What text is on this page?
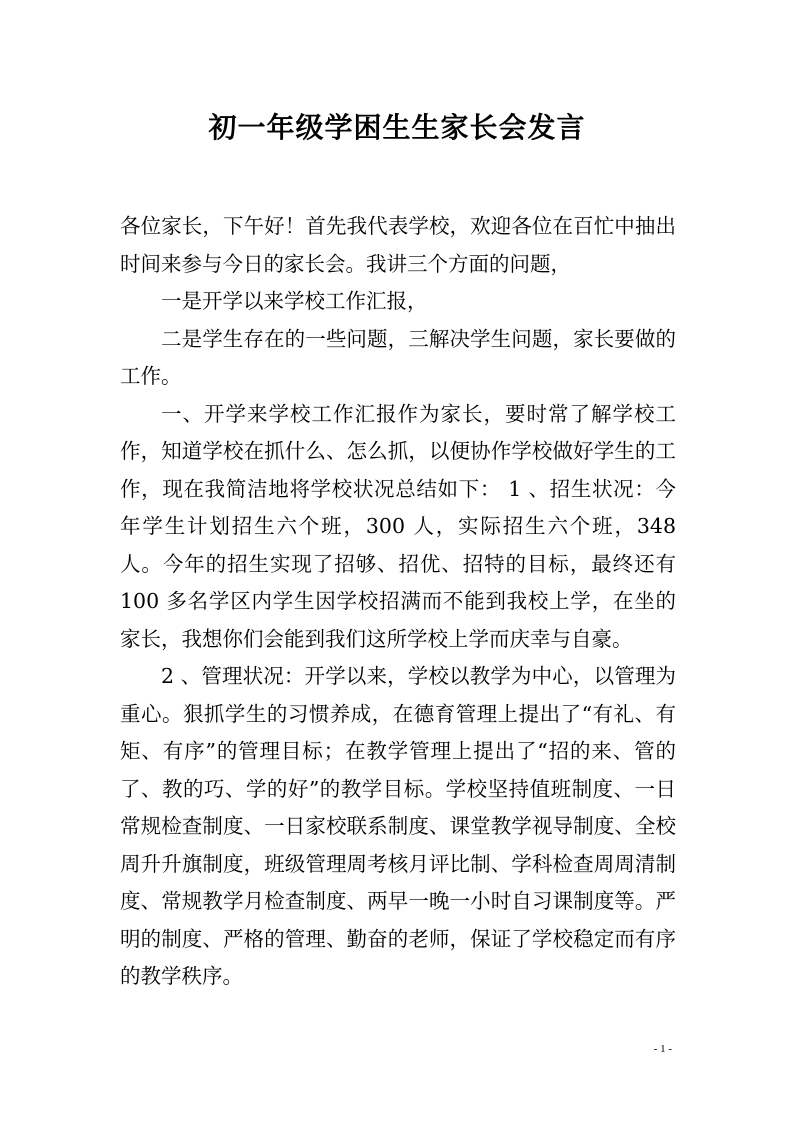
初一年级学困生生家长会发言

各位家长，下午好！首先我代表学校，欢迎各位在百忙中抽出时间来参与今日的家长会。我讲三个方面的问题，

一是开学以来学校工作汇报，

二是学生存在的一些问题，三解决学生问题，家长要做的工作。

一、开学来学校工作汇报作为家长，要时常了解学校工作，知道学校在抓什么、怎么抓，以便协作学校做好学生的工作，现在我简洁地将学校状况总结如下： 1 、招生状况：今年学生计划招生六个班，300 人，实际招生六个班，348 人。今年的招生实现了招够、招优、招特的目标，最终还有 100 多名学区内学生因学校招满而不能到我校上学，在坐的家长，我想你们会能到我们这所学校上学而庆幸与自豪。

2 、管理状况：开学以来，学校以教学为中心，以管理为重心。狠抓学生的习惯养成，在德育管理上提出了“有礼、有矩、有序”的管理目标；在教学管理上提出了“招的来、管的了、教的巧、学的好”的教学目标。学校坚持值班制度、一日常规检查制度、一日家校联系制度、课堂教学视导制度、全校周升升旗制度，班级管理周考核月评比制、学科检查周周清制度、常规教学月检查制度、两早一晚一小时自习课制度等。严明的制度、严格的管理、勤奋的老师，保证了学校稳定而有序的教学秩序。

- 1 -
